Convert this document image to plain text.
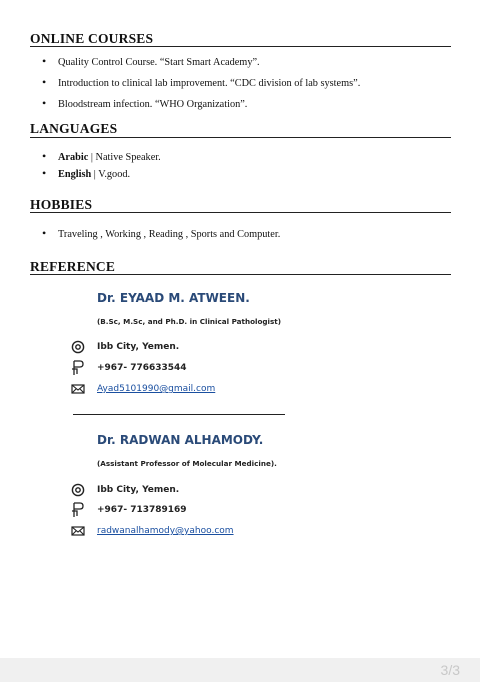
ONLINE COURSES
• Quality Control Course. “Start Smart Academy”.
• Introduction to clinical lab improvement. “CDC division of lab systems”.
• Bloodstream infection. “WHO Organization”.
LANGUAGES
• Arabic | Native Speaker.
• English | V.good.
HOBBIES
• Traveling , Working , Reading , Sports and Computer.
REFERENCE
Dr. EYAAD M. ATWEEN.
(B.Sc, M.Sc, and Ph.D. in Clinical Pathologist)
Ibb City, Yemen.
+967- 776633544
Ayad5101990@gmail.com
Dr. RADWAN ALHAMODY.
(Assistant Professor of Molecular Medicine).
Ibb City, Yemen.
+967- 713789169
radwanalhamody@yahoo.com
3/3
